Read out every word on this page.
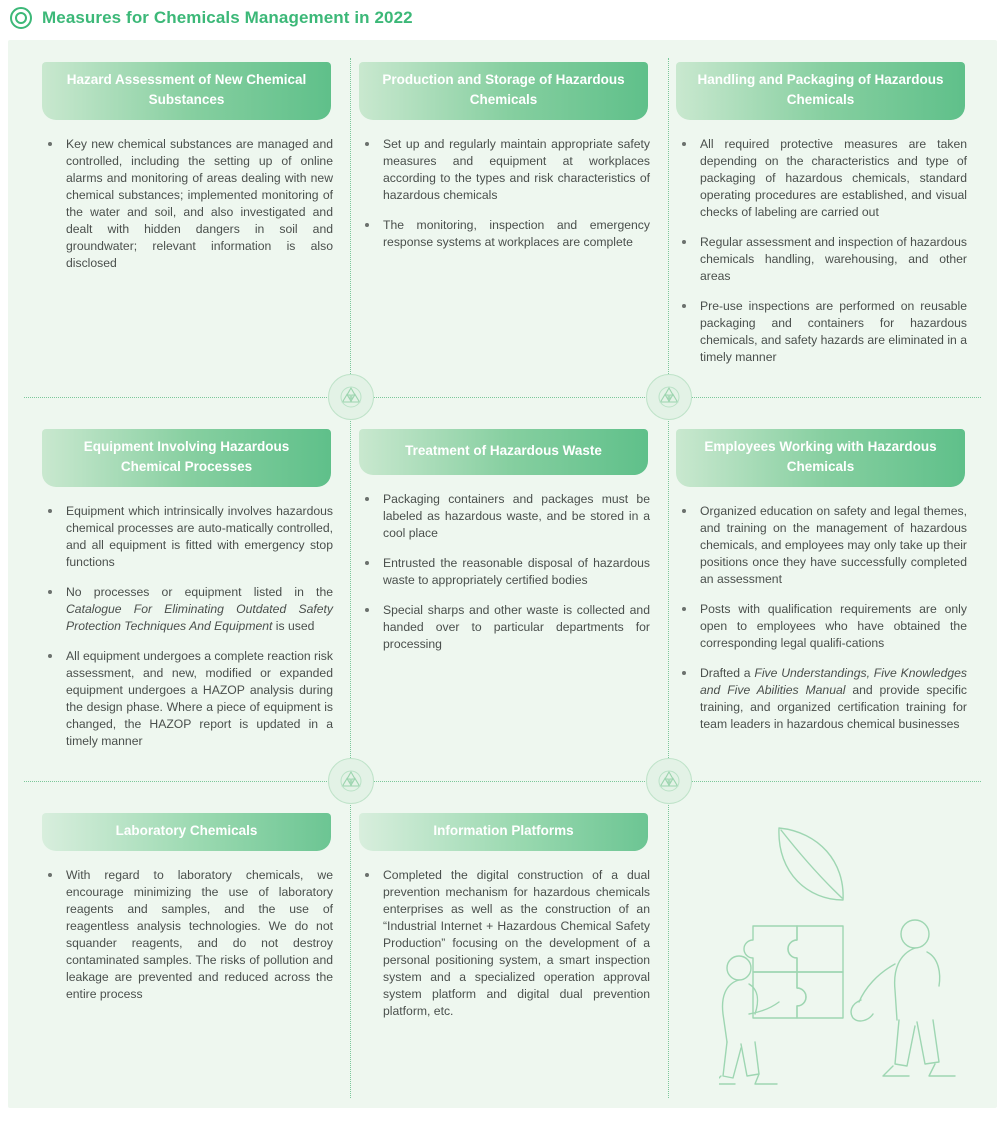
Measures for Chemicals Management in 2022
Hazard Assessment of New Chemical Substances
Key new chemical substances are managed and controlled, including the setting up of online alarms and monitoring of areas dealing with new chemical substances; implemented monitoring of the water and soil, and also investigated and dealt with hidden dangers in soil and groundwater; relevant information is also disclosed
Production and Storage of Hazardous Chemicals
Set up and regularly maintain appropriate safety measures and equipment at workplaces according to the types and risk characteristics of hazardous chemicals
The monitoring, inspection and emergency response systems at workplaces are complete
Handling and Packaging of Hazardous Chemicals
All required protective measures are taken depending on the characteristics and type of packaging of hazardous chemicals, standard operating procedures are established, and visual checks of labeling are carried out
Regular assessment and inspection of hazardous chemicals handling, warehousing, and other areas
Pre-use inspections are performed on reusable packaging and containers for hazardous chemicals, and safety hazards are eliminated in a timely manner
Equipment Involving Hazardous Chemical Processes
Equipment which intrinsically involves hazardous chemical processes are auto-matically controlled, and all equipment is fitted with emergency stop functions
No processes or equipment listed in the Catalogue For Eliminating Outdated Safety Protection Techniques And Equipment is used
All equipment undergoes a complete reaction risk assessment, and new, modified or expanded equipment undergoes a HAZOP analysis during the design phase. Where a piece of equipment is changed, the HAZOP report is updated in a timely manner
Treatment of Hazardous Waste
Packaging containers and packages must be labeled as hazardous waste, and be stored in a cool place
Entrusted the reasonable disposal of hazardous waste to appropriately certified bodies
Special sharps and other waste is collected and handed over to particular departments for processing
Employees Working with Hazardous Chemicals
Organized education on safety and legal themes, and training on the management of hazardous chemicals, and employees may only take up their positions once they have successfully completed an assessment
Posts with qualification requirements are only open to employees who have obtained the corresponding legal qualifi-cations
Drafted a Five Understandings, Five Knowledges and Five Abilities Manual and provide specific training, and organized certification training for team leaders in hazardous chemical businesses
Laboratory Chemicals
With regard to laboratory chemicals, we encourage minimizing the use of laboratory reagents and samples, and the use of reagentless analysis technologies. We do not squander reagents, and do not destroy contaminated samples. The risks of pollution and leakage are prevented and reduced across the entire process
Information Platforms
Completed the digital construction of a dual prevention mechanism for hazardous chemicals enterprises as well as the construction of an “Industrial Internet + Hazardous Chemical Safety Production” focusing on the development of a personal positioning system, a smart inspection system and a specialized operation approval system platform and digital dual prevention platform, etc.
